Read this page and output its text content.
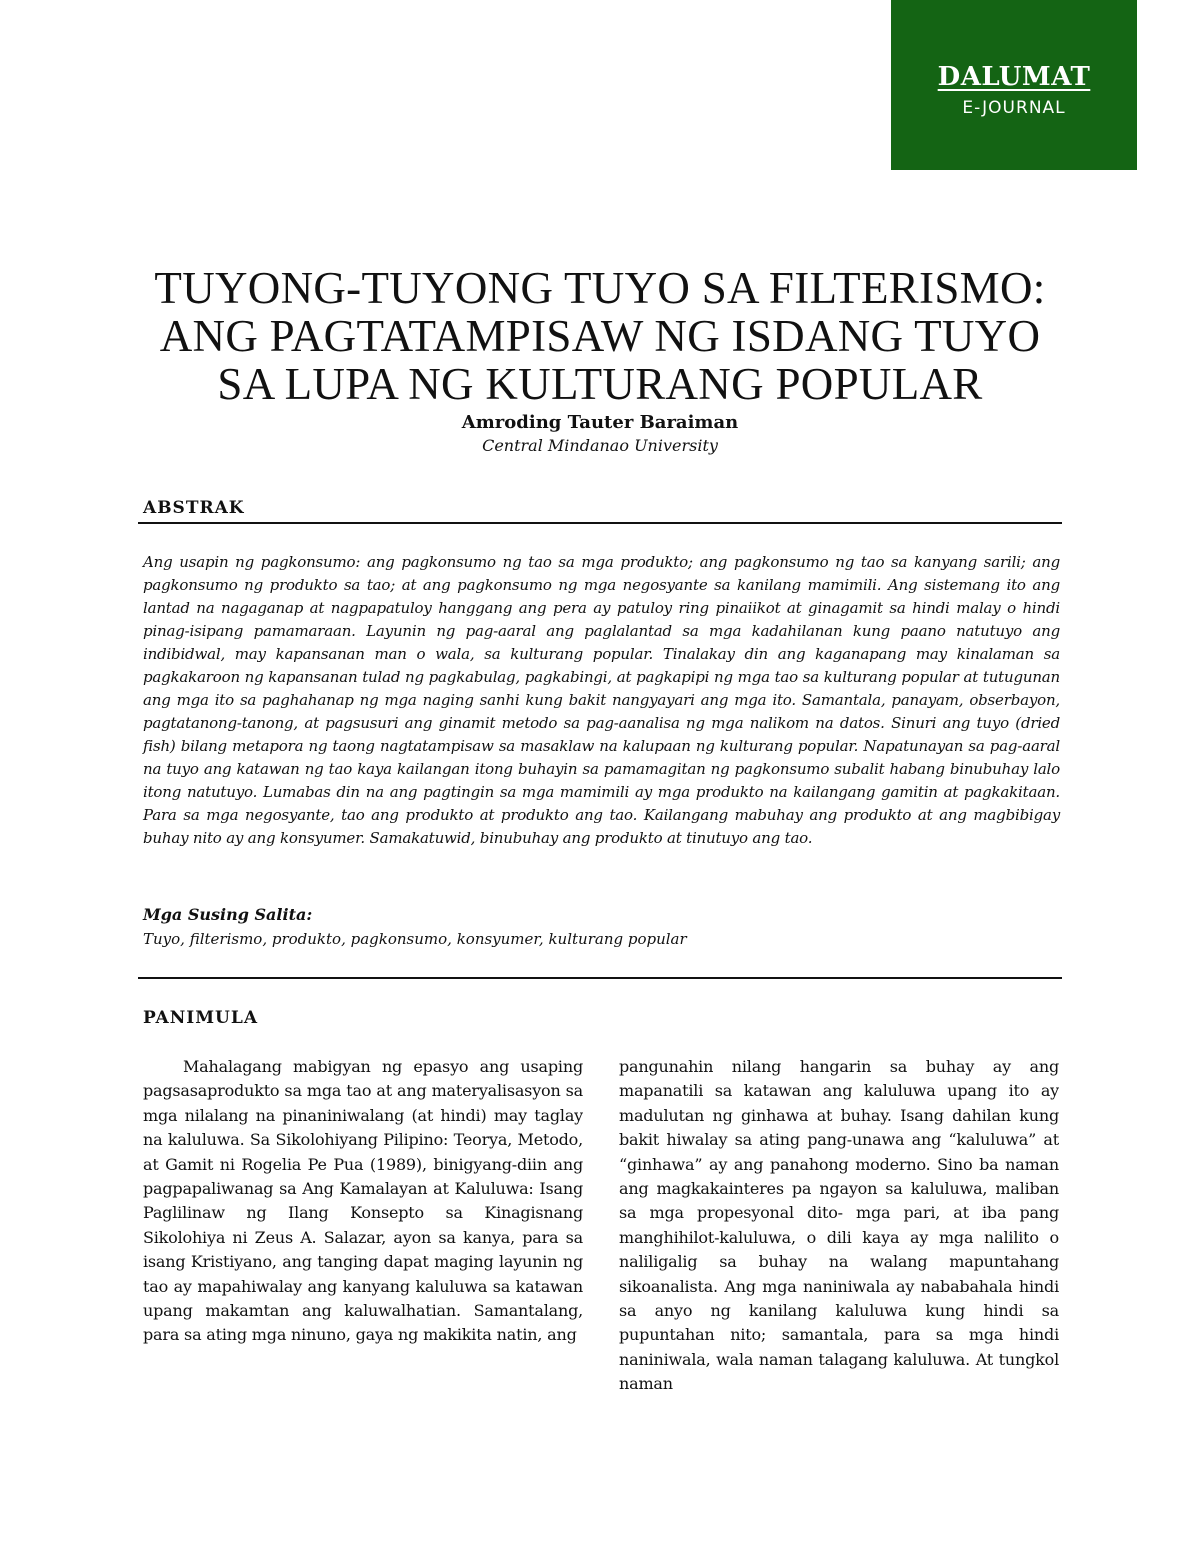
DALUMAT
E-JOURNAL
TUYONG-TUYONG TUYO SA FILTERISMO:
ANG PAGTATAMPISAW NG ISDANG TUYO
SA LUPA NG KULTURANG POPULAR
Amroding Tauter Baraiman
Central Mindanao University
ABSTRAK
Ang usapin ng pagkonsumo: ang pagkonsumo ng tao sa mga produkto; ang pagkonsumo ng tao sa kanyang sarili; ang pagkonsumo ng produkto sa tao; at ang pagkonsumo ng mga negosyante sa kanilang mamimili. Ang sistemang ito ang lantad na nagaganap at nagpapatuloy hanggang ang pera ay patuloy ring pinaiikot at ginagamit sa hindi malay o hindi pinag-isipang pamamaraan. Layunin ng pag-aaral ang paglalantad sa mga kadahilanan kung paano natutuyo ang indibidwal, may kapansanan man o wala, sa kulturang popular. Tinalakay din ang kaganapang may kinalaman sa pagkakaroon ng kapansanan tulad ng pagkabulag, pagkabingi, at pagkapipi ng mga tao sa kulturang popular at tutugunan ang mga ito sa paghahanap ng mga naging sanhi kung bakit nangyayari ang mga ito. Samantala, panayam, obserbayon, pagtatanong-tanong, at pagsusuri ang ginamit metodo sa pag-aanalisa ng mga nalikom na datos. Sinuri ang tuyo (dried fish) bilang metapora ng taong nagtatampisaw sa masaklaw na kalupaan ng kulturang popular. Napatunayan sa pag-aaral na tuyo ang katawan ng tao kaya kailangan itong buhayin sa pamamagitan ng pagkonsumo subalit habang binubuhay lalo itong natutuyo. Lumabas din na ang pagtingin sa mga mamimili ay mga produkto na kailangang gamitin at pagkakitaan. Para sa mga negosyante, tao ang produkto at produkto ang tao. Kailangang mabuhay ang produkto at ang magbibigay buhay nito ay ang konsyumer. Samakatuwid, binubuhay ang produkto at tinutuyo ang tao.
Mga Susing Salita:
Tuyo, filterismo, produkto, pagkonsumo, konsyumer, kulturang popular
PANIMULA
Mahalagang mabigyan ng epasyo ang usaping pagsasaprodukto sa mga tao at ang materyalisasyon sa mga nilalang na pinaniniwalang (at hindi) may taglay na kaluluwa. Sa Sikolohiyang Pilipino: Teorya, Metodo, at Gamit ni Rogelia Pe Pua (1989), binigyang-diin ang pagpapaliwanag sa Ang Kamalayan at Kaluluwa: Isang Paglilinaw ng Ilang Konsepto sa Kinagisnang Sikolohiya ni Zeus A. Salazar, ayon sa kanya, para sa isang Kristiyano, ang tanging dapat maging layunin ng tao ay mapahiwalay ang kanyang kaluluwa sa katawan upang makamtan ang kaluwalhatian. Samantalang, para sa ating mga ninuno, gaya ng makikita natin, ang
pangunahin nilang hangarin sa buhay ay ang mapanatili sa katawan ang kaluluwa upang ito ay madulutan ng ginhawa at buhay. Isang dahilan kung bakit hiwalay sa ating pang-unawa ang “kaluluwa” at “ginhawa” ay ang panahong moderno. Sino ba naman ang magkakainteres pa ngayon sa kaluluwa, maliban sa mga propesyonal dito- mga pari, at iba pang manghihilot-kaluluwa, o dili kaya ay mga nalilito o naliligalig sa buhay na walang mapuntahang sikoanalista. Ang mga naniniwala ay nababahala hindi sa anyo ng kanilang kaluluwa kung hindi sa pupuntahan nito; samantala, para sa mga hindi naniniwala, wala naman talagang kaluluwa. At tungkol naman
